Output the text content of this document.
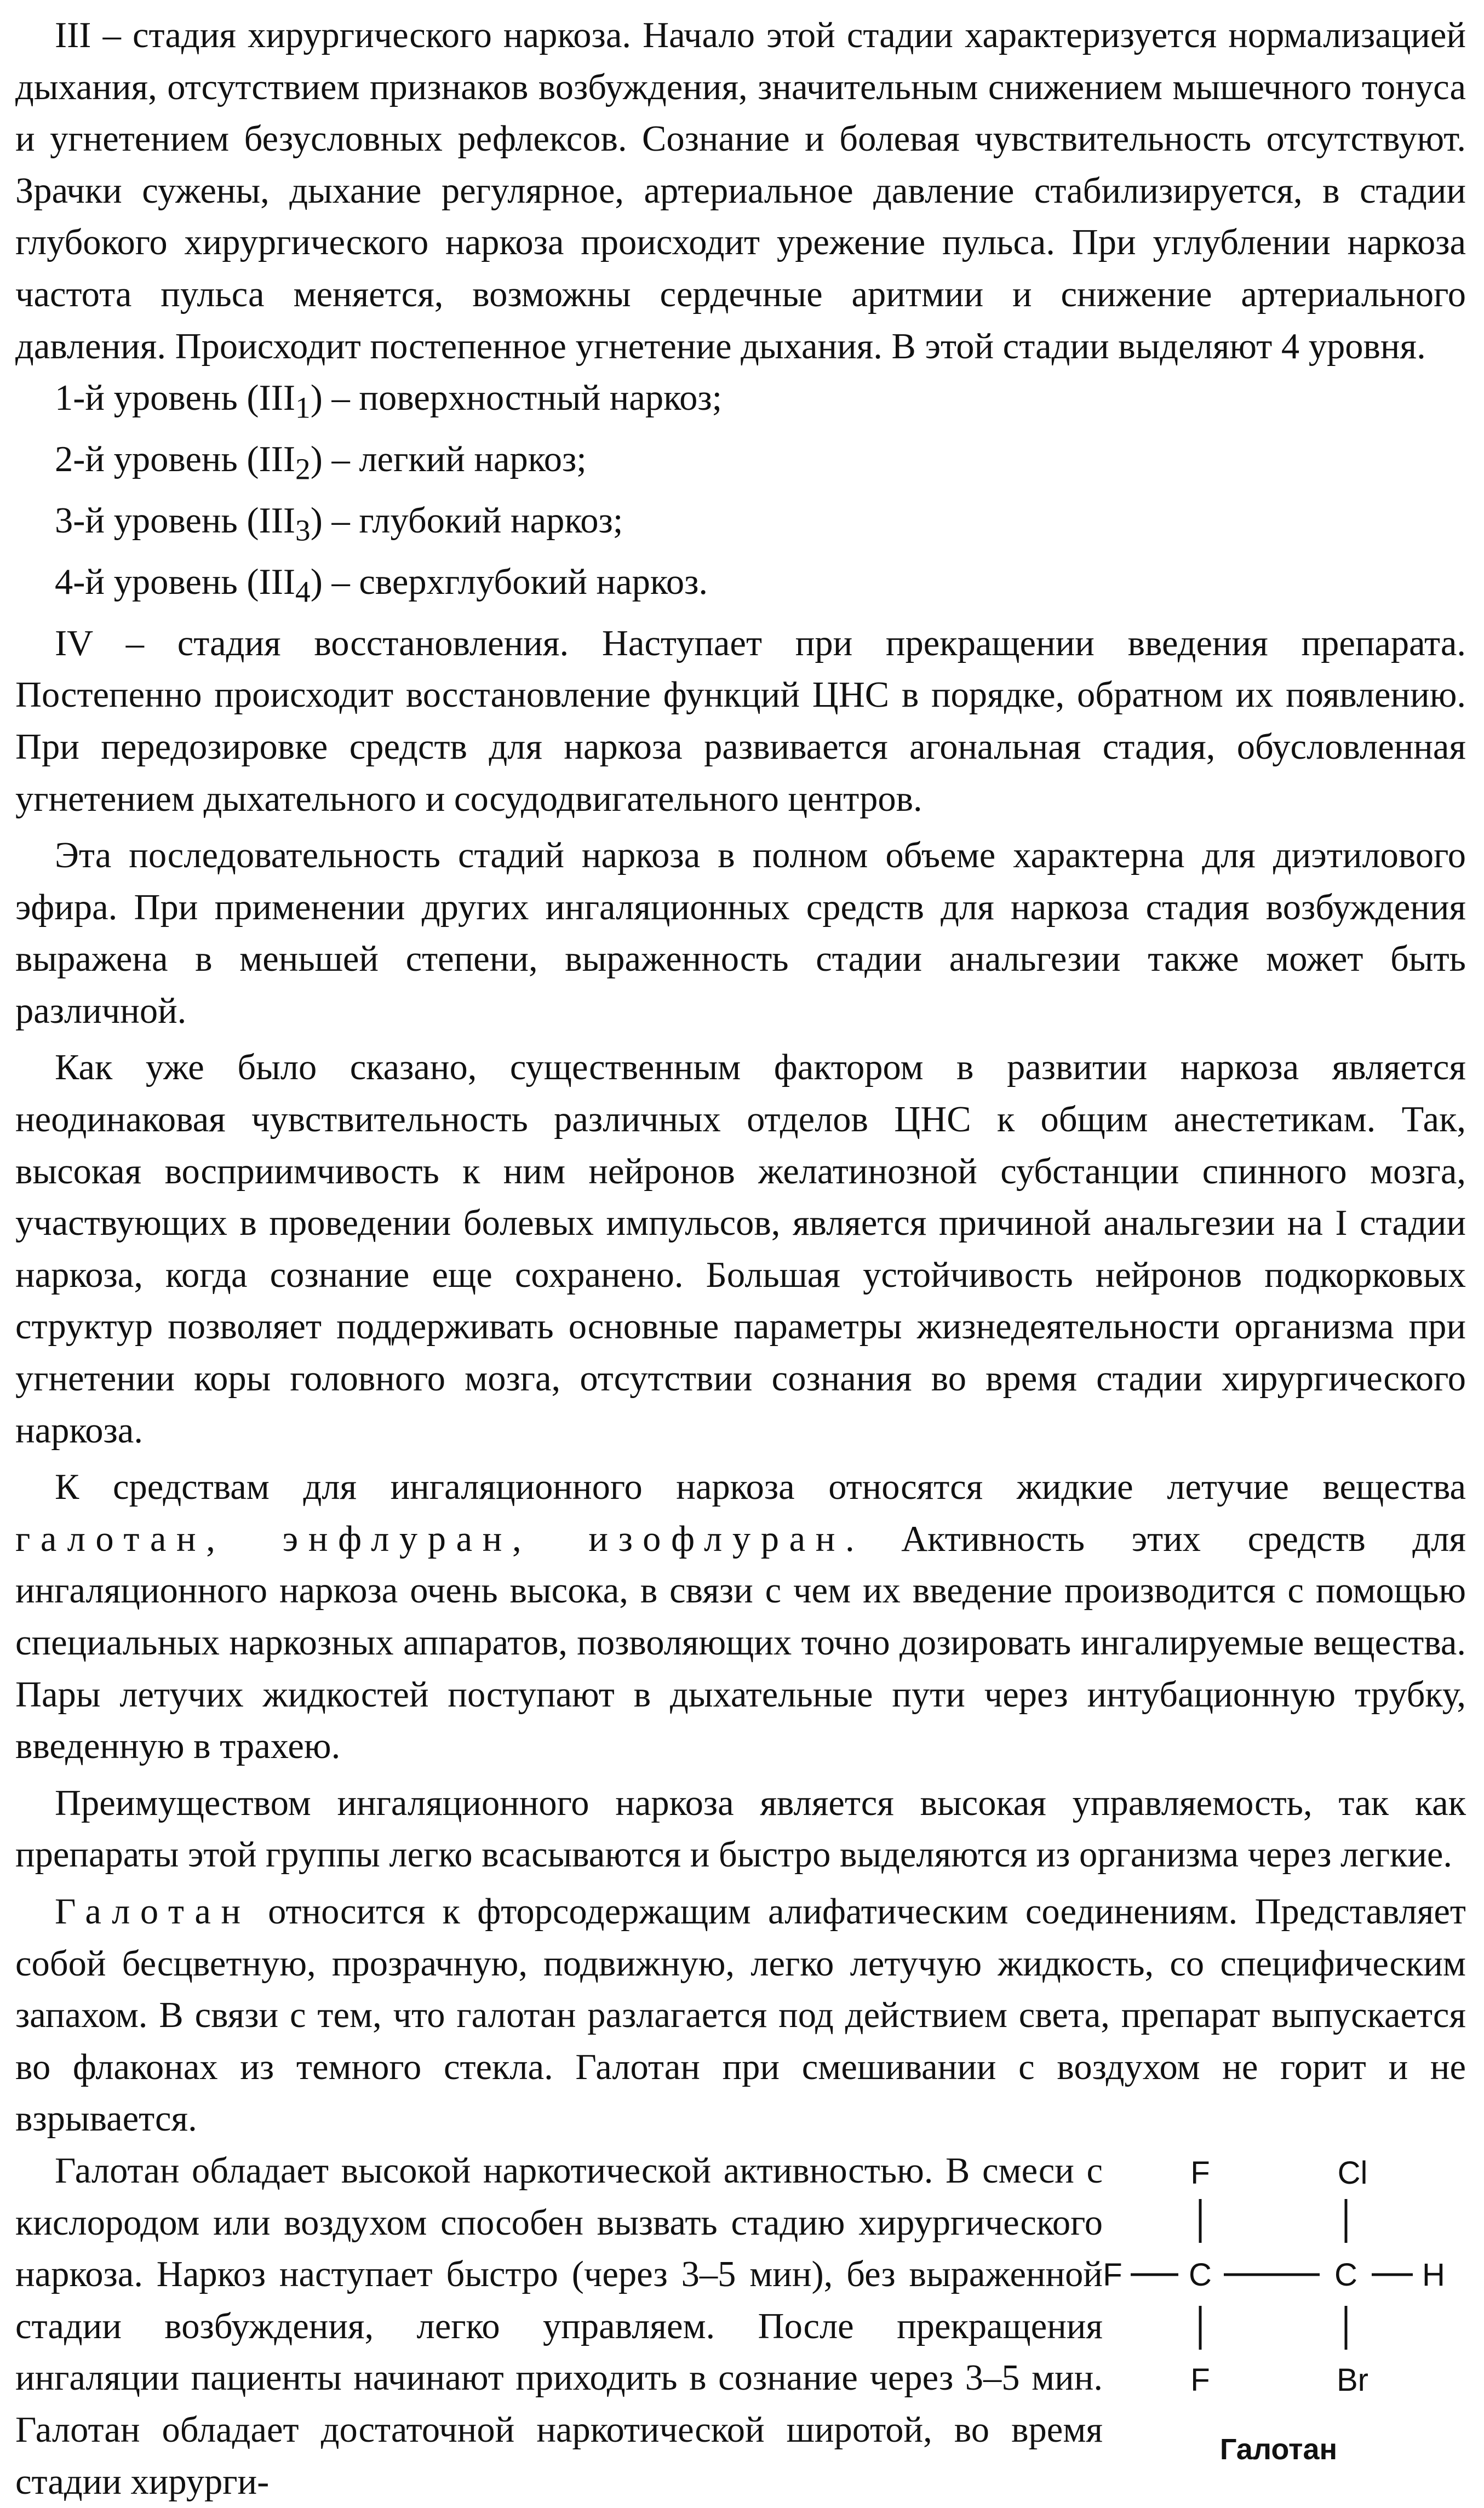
III – стадия хирургического наркоза. Начало этой стадии характеризуется нормализацией дыхания, отсутствием признаков возбуждения, значительным снижением мышечного тонуса и угнетением безусловных рефлексов. Сознание и болевая чувствительность отсутствуют. Зрачки сужены, дыхание регулярное, артериальное давление стабилизируется, в стадии глубокого хирургического наркоза происходит урежение пульса. При углублении наркоза частота пульса меняется, возможны сердечные аритмии и снижение артериального давления. Происходит постепенное угнетение дыхания. В этой стадии выделяют 4 уровня.

1-й уровень $(III_1)$ – поверхностный наркоз;

2-й уровень $(III_2)$ – легкий наркоз;

3-й уровень $(III_3)$ – глубокий наркоз;

4-й уровень $(III_4)$ – сверхглубокий наркоз.

IV – стадия восстановления. Наступает при прекращении введения препарата. Постепенно происходит восстановление функций ЦНС в порядке, обратном их появлению. При передозировке средств для наркоза развивается агональная стадия, обусловленная угнетением дыхательного и сосудодвигательного центров.

Эта последовательность стадий наркоза в полном объеме характерна для диэтилового эфира. При применении других ингаляционных средств для наркоза стадия возбуждения выражена в меньшей степени, выраженность стадии анальгезии также может быть различной.

Как уже было сказано, существенным фактором в развитии наркоза является неодинаковая чувствительность различных отделов ЦНС к общим анестетикам. Так, высокая восприимчивость к ним нейронов желатинозной субстанции спинного мозга, участвующих в проведении болевых импульсов, является причиной анальгезии на I стадии наркоза, когда сознание еще сохранено. Большая устойчивость нейронов подкорковых структур позволяет поддерживать основные параметры жизнедеятельности организма при угнетении коры головного мозга, отсутствии сознания во время стадии хирургического наркоза.

К средствам для ингаляционного наркоза относятся жидкие летучие вещества галотан, энфлуран, изофлуран. Активность этих средств для ингаляционного наркоза очень высока, в связи с чем их введение производится с помощью специальных наркозных аппаратов, позволяющих точно дозировать ингалируемые вещества. Пары летучих жидкостей поступают в дыхательные пути через интубационную трубку, введенную в трахею.

Преимуществом ингаляционного наркоза является высокая управляемость, так как препараты этой группы легко всасываются и быстро выделяются из организма через легкие.

Галотан относится к фторсодержащим алифатическим соединениям. Представляет собой бесцветную, прозрачную, подвижную, легко летучую жидкость, со специфическим запахом. В связи с тем, что галотан разлагается под действием света, препарат выпускается во флаконах из темного стекла. Галотан при смешивании с воздухом не горит и не взрывается.

Галотан обладает высокой наркотической активностью. В смеси с кислородом или воздухом способен вызвать стадию хирургического наркоза. Наркоз наступает быстро (через 3–5 мин), без выраженной стадии возбуждения, легко управляем. После прекращения ингаляции пациенты начинают приходить в сознание через 3–5 мин. Галотан обладает достаточной наркотической широтой, во время стадии хирурги-

F	Cl
F C	C H
F	Br
Галотан
